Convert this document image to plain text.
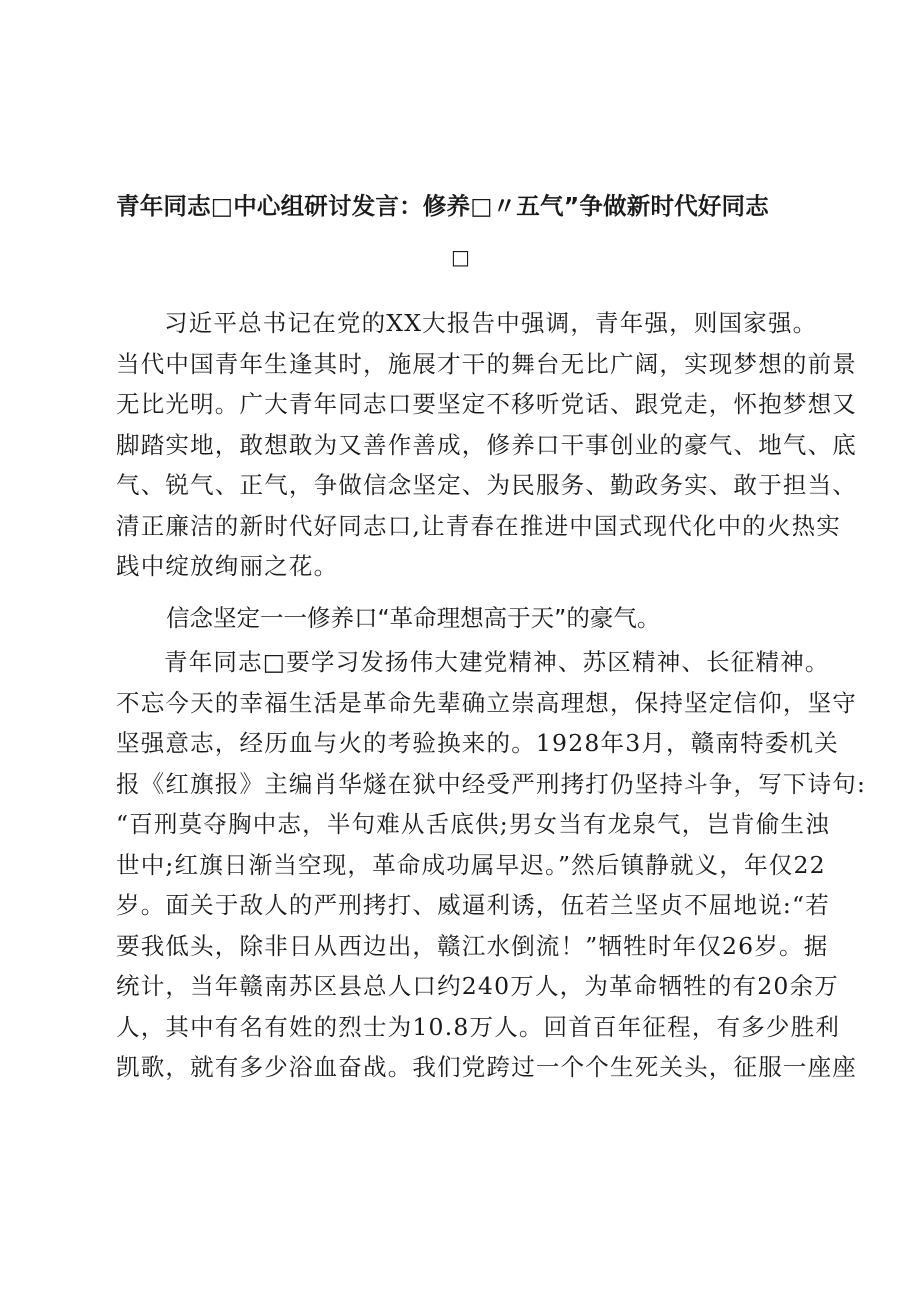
青年同志□中心组研讨发言：修养□〃五气”争做新时代好同志
□
习近平总书记在党的XX大报告中强调，青年强，则国家强。
当代中国青年生逢其时，施展才干的舞台无比广阔，实现梦想的前景
无比光明。广大青年同志口要坚定不移听党话、跟党走，怀抱梦想又
脚踏实地，敢想敢为又善作善成，修养口干事创业的豪气、地气、底
气、锐气、正气，争做信念坚定、为民服务、勤政务实、敢于担当、
清正廉洁的新时代好同志口,让青春在推进中国式现代化中的火热实
践中绽放绚丽之花。
信念坚定一一修养口“革命理想高于天”的豪气。
青年同志□要学习发扬伟大建党精神、苏区精神、长征精神。
不忘今天的幸福生活是革命先辈确立崇高理想，保持坚定信仰，坚守
坚强意志，经历血与火的考验换来的。1928年3月，赣南特委机关
报《红旗报》主编肖华燧在狱中经受严刑拷打仍坚持斗争，写下诗句:
“百刑莫夺胸中志，半句难从舌底供;男女当有龙泉气，岂肯偷生浊
世中;红旗日渐当空现，革命成功属早迟。”然后镇静就义，年仅22
岁。面关于敌人的严刑拷打、威逼利诱，伍若兰坚贞不屈地说:“若
要我低头，除非日从西边出，赣江水倒流！”牺牲时年仅26岁。据
统计，当年赣南苏区县总人口约240万人，为革命牺牲的有20余万
人，其中有名有姓的烈士为10.8万人。回首百年征程，有多少胜利
凯歌，就有多少浴血奋战。我们党跨过一个个生死关头，征服一座座
